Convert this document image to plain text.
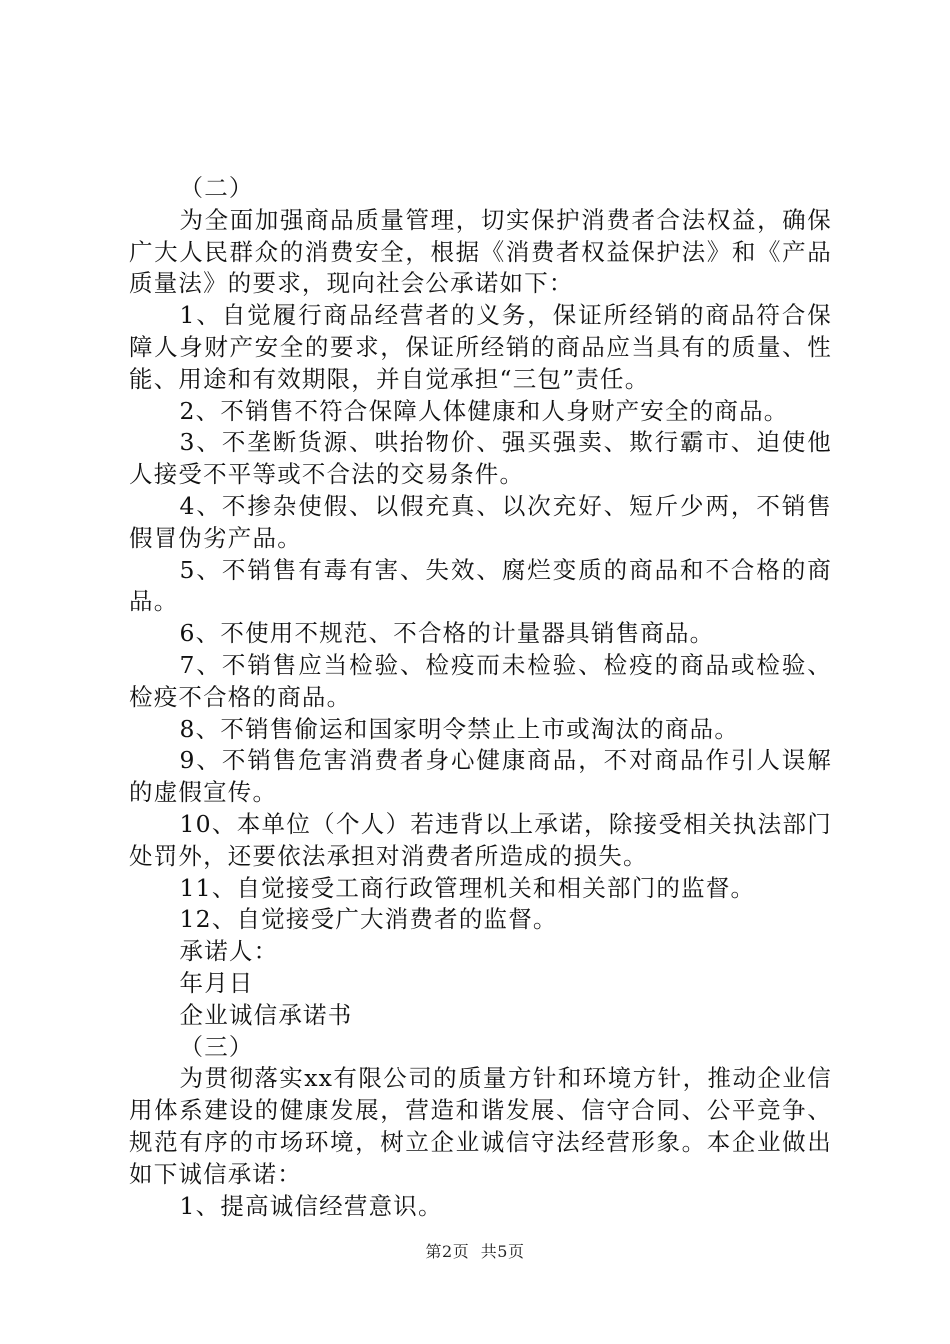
（二）

为全面加强商品质量管理，切实保护消费者合法权益，确保广大人民群众的消费安全，根据《消费者权益保护法》和《产品质量法》的要求，现向社会公承诺如下：

1、自觉履行商品经营者的义务，保证所经销的商品符合保障人身财产安全的要求，保证所经销的商品应当具有的质量、性能、用途和有效期限，并自觉承担“三包”责任。

2、不销售不符合保障人体健康和人身财产安全的商品。

3、不垄断货源、哄抬物价、强买强卖、欺行霸市、迫使他人接受不平等或不合法的交易条件。

4、不掺杂使假、以假充真、以次充好、短斤少两，不销售假冒伪劣产品。

5、不销售有毒有害、失效、腐烂变质的商品和不合格的商品。

6、不使用不规范、不合格的计量器具销售商品。

7、不销售应当检验、检疫而未检验、检疫的商品或检验、检疫不合格的商品。

8、不销售偷运和国家明令禁止上市或淘汰的商品。

9、不销售危害消费者身心健康商品，不对商品作引人误解的虚假宣传。

10、本单位（个人）若违背以上承诺，除接受相关执法部门处罚外，还要依法承担对消费者所造成的损失。

11、自觉接受工商行政管理机关和相关部门的监督。

12、自觉接受广大消费者的监督。

承诺人：

年月日

企业诚信承诺书

（三）

为贯彻落实xx有限公司的质量方针和环境方针，推动企业信用体系建设的健康发展，营造和谐发展、信守合同、公平竞争、规范有序的市场环境，树立企业诚信守法经营形象。本企业做出如下诚信承诺：

1、提高诚信经营意识。

第2页 共5页
